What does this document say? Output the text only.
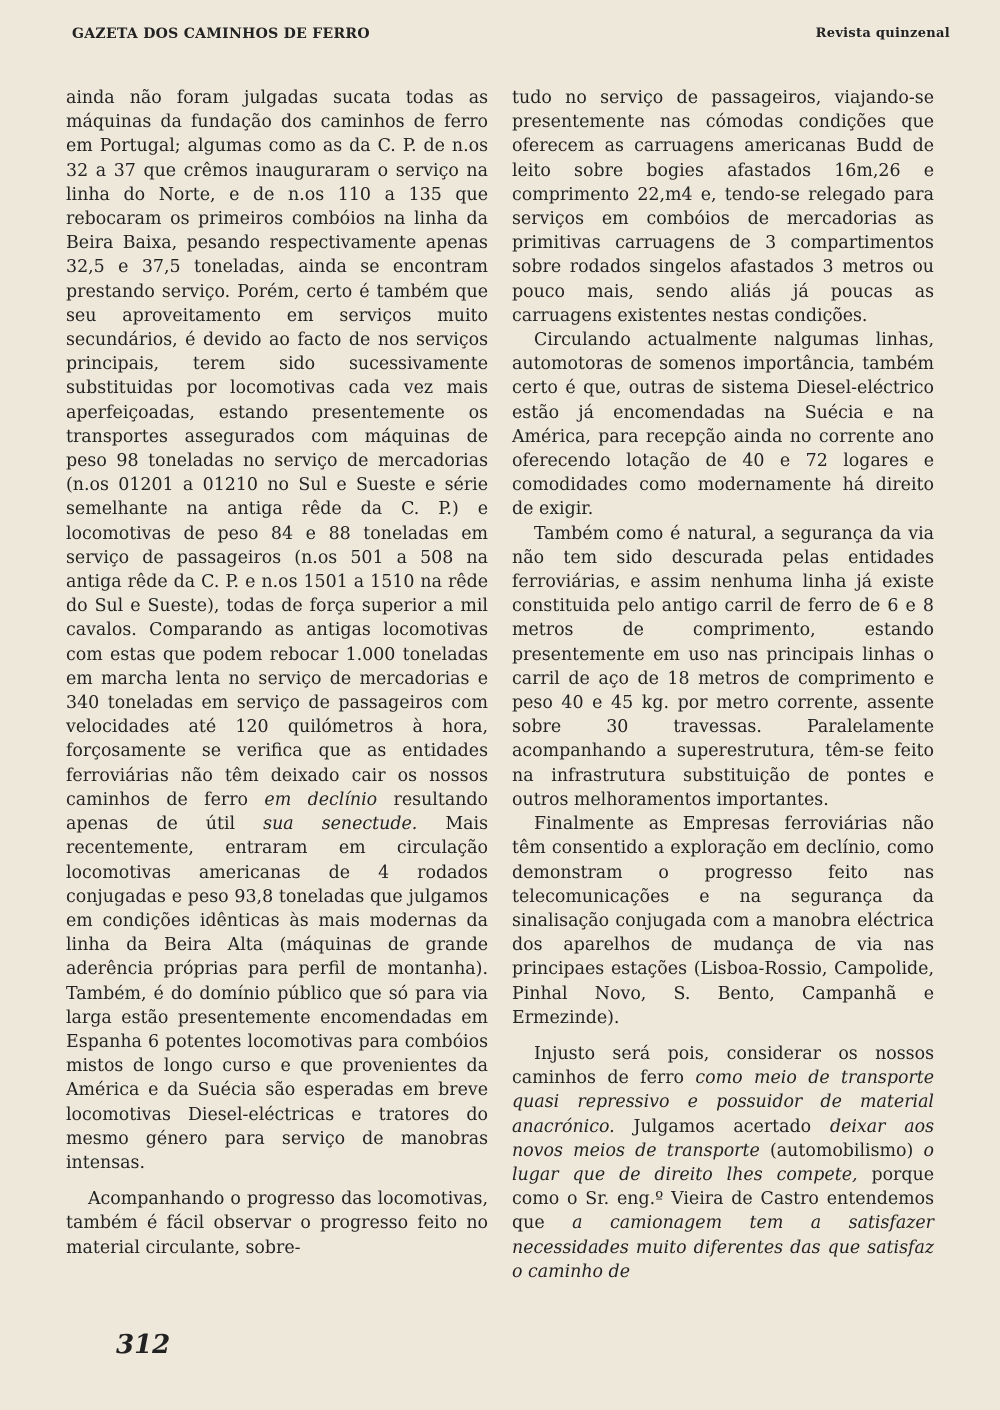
GAZETA DOS CAMINHOS DE FERRO	Revista quinzenal

ainda não foram julgadas sucata todas as máquinas da fundação dos caminhos de ferro em Portugal; algumas como as da C. P. de n.os 32 a 37 que crêmos inauguraram o serviço na linha do Norte, e de n.os 110 a 135 que rebocaram os primeiros combóios na linha da Beira Baixa, pesando respectivamente apenas 32,5 e 37,5 toneladas, ainda se encontram prestando serviço. Porém, certo é também que seu aproveitamento em serviços muito secundários, é devido ao facto de nos serviços principais, terem sido sucessivamente substituidas por locomotivas cada vez mais aperfeiçoadas, estando presentemente os transportes assegurados com máquinas de peso 98 toneladas no serviço de mercadorias (n.os 01201 a 01210 no Sul e Sueste e série semelhante na antiga rêde da C. P.) e locomotivas de peso 84 e 88 toneladas em serviço de passageiros (n.os 501 a 508 na antiga rêde da C. P. e n.os 1501 a 1510 na rêde do Sul e Sueste), todas de força superior a mil cavalos. Comparando as antigas locomotivas com estas que podem rebocar 1.000 toneladas em marcha lenta no serviço de mercadorias e 340 toneladas em serviço de passageiros com velocidades até 120 quilómetros à hora, forçosamente se verifica que as entidades ferroviárias não têm deixado cair os nossos caminhos de ferro em declínio resultando apenas de útil sua senectude. Mais recentemente, entraram em circulação locomotivas americanas de 4 rodados conjugadas e peso 93,8 toneladas que julgamos em condições idênticas às mais modernas da linha da Beira Alta (máquinas de grande aderência próprias para perfil de montanha). Também, é do domínio público que só para via larga estão presentemente encomendadas em Espanha 6 potentes locomotivas para combóios mistos de longo curso e que provenientes da América e da Suécia são esperadas em breve locomotivas Diesel-eléctricas e tratores do mesmo género para serviço de manobras intensas.

Acompanhando o progresso das locomotivas, também é fácil observar o progresso feito no material circulante, sobre-

tudo no serviço de passageiros, viajando-se presentemente nas cómodas condições que oferecem as carruagens americanas Budd de leito sobre bogies afastados 16m,26 e comprimento 22,m4 e, tendo-se relegado para serviços em combóios de mercadorias as primitivas carruagens de 3 compartimentos sobre rodados singelos afastados 3 metros ou pouco mais, sendo aliás já poucas as carruagens existentes nestas condições.

Circulando actualmente nalgumas linhas, automotoras de somenos importância, também certo é que, outras de sistema Diesel-eléctrico estão já encomendadas na Suécia e na América, para recepção ainda no corrente ano oferecendo lotação de 40 e 72 logares e comodidades como modernamente há direito de exigir.

Também como é natural, a segurança da via não tem sido descurada pelas entidades ferroviárias, e assim nenhuma linha já existe constituida pelo antigo carril de ferro de 6 e 8 metros de comprimento, estando presentemente em uso nas principais linhas o carril de aço de 18 metros de comprimento e peso 40 e 45 kg. por metro corrente, assente sobre 30 travessas. Paralelamente acompanhando a superestrutura, têm-se feito na infrastrutura substituição de pontes e outros melhoramentos importantes.

Finalmente as Empresas ferroviárias não têm consentido a exploração em declínio, como demonstram o progresso feito nas telecomunicações e na segurança da sinalisação conjugada com a manobra eléctrica dos aparelhos de mudança de via nas principaes estações (Lisboa-Rossio, Campolide, Pinhal Novo, S. Bento, Campanhã e Ermezinde).

Injusto será pois, considerar os nossos caminhos de ferro como meio de transporte quasi repressivo e possuidor de material anacrónico. Julgamos acertado deixar aos novos meios de transporte (automobilismo) o lugar que de direito lhes compete, porque como o Sr. eng.º Vieira de Castro entendemos que a camionagem tem a satisfazer necessidades muito diferentes das que satisfaz o caminho de

312
